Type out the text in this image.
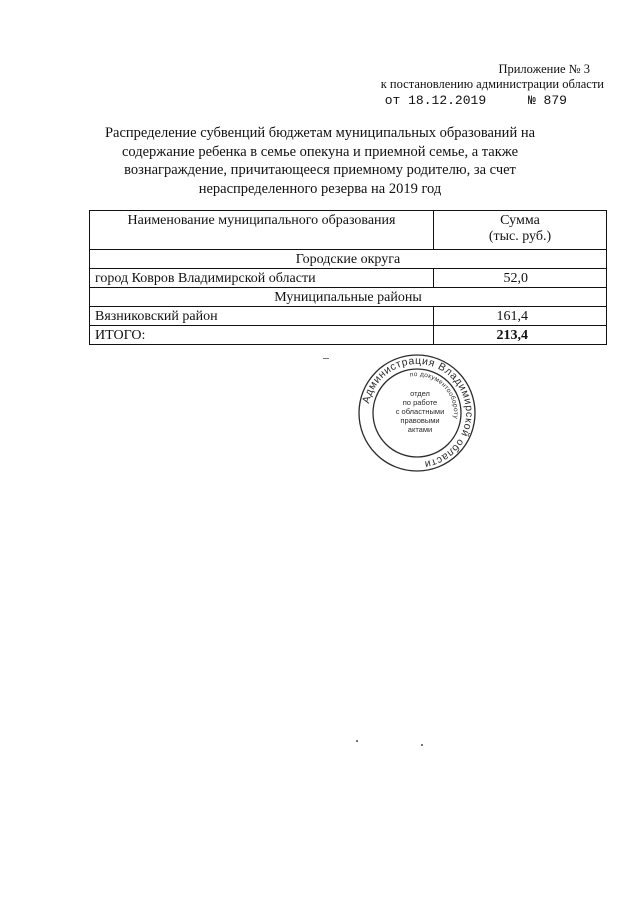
Приложение № 3
к постановлению администрации области
от 18.12.2019	№ 879
Распределение субвенций бюджетам муниципальных образований на содержание ребенка в семье опекуна и приемной семье, а также вознаграждение, причитающееся приемному родителю, за счет нераспределенного резерва на 2019 год
Наименование муниципального образования	Сумма
(тыс. руб.)

Городские округа	
город Ковров Владимирской области	52,0
Муниципальные районы	
Вязниковский район	161,4
ИТОГО:	213,4
Администрация Владимирской области
по документообороту
отдел
по работе
с областными
правовыми
актами
